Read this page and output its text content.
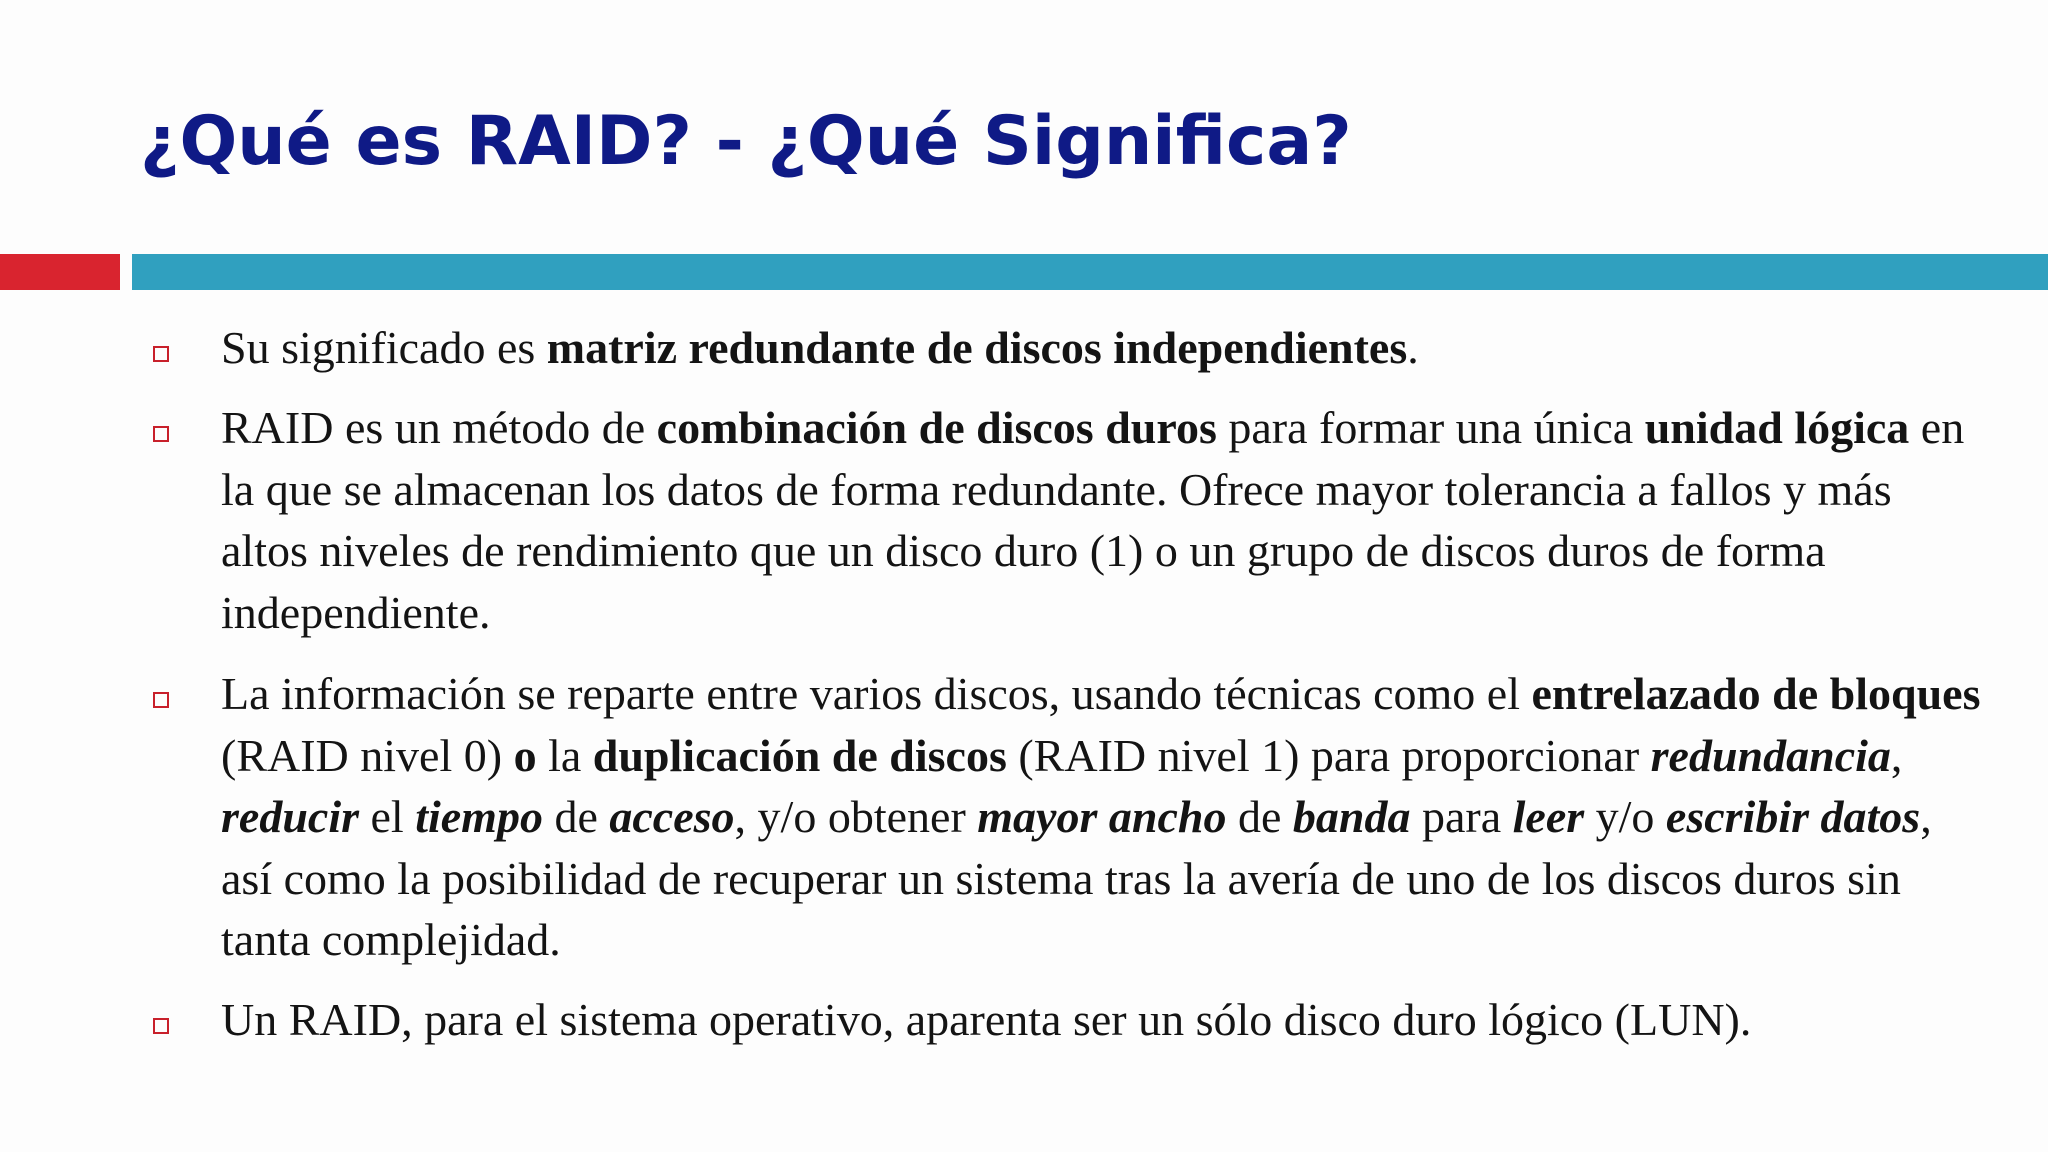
¿Qué es RAID? - ¿Qué Significa?

Su significado es matriz redundante de discos independientes.

RAID es un método de combinación de discos duros para formar una única unidad lógica en la que se almacenan los datos de forma redundante. Ofrece mayor tolerancia a fallos y más altos niveles de rendimiento que un disco duro (1) o un grupo de discos duros de forma independiente.

La información se reparte entre varios discos, usando técnicas como el entrelazado de bloques (RAID nivel 0) o la duplicación de discos (RAID nivel 1) para proporcionar redundancia, reducir el tiempo de acceso, y/o obtener mayor ancho de banda para leer y/o escribir datos, así como la posibilidad de recuperar un sistema tras la avería de uno de los discos duros sin tanta complejidad.

Un RAID, para el sistema operativo, aparenta ser un sólo disco duro lógico (LUN).
